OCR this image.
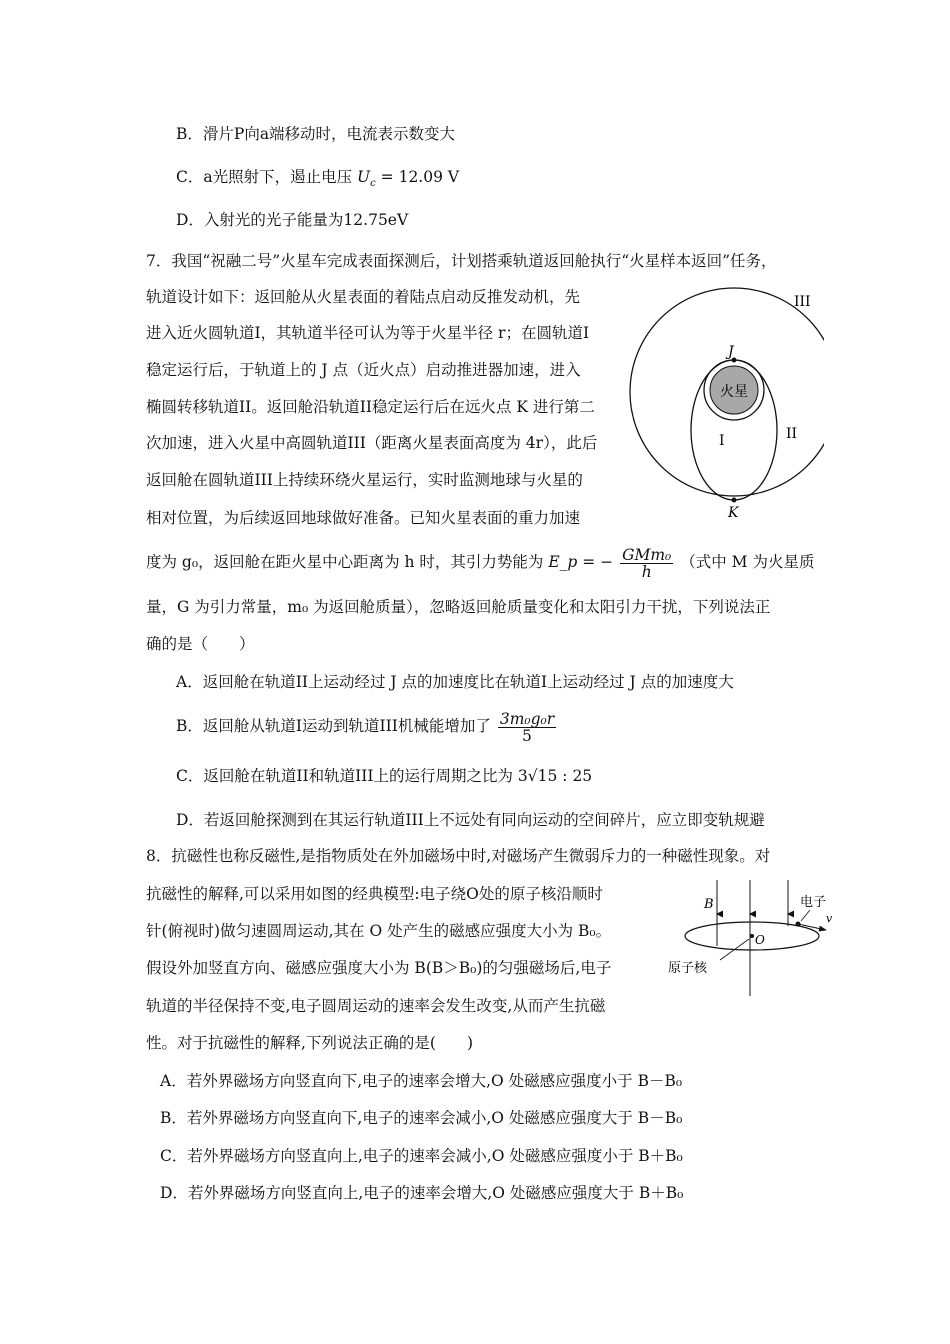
B．滑片P向a端移动时，电流表示数变大
C．a光照射下，遏止电压 $U_c = 12.09$ V
D．入射光的光子能量为12.75eV
7．我国“祝融二号”火星车完成表面探测后，计划搭乘轨道返回舱执行“火星样本返回”任务，
轨道设计如下：返回舱从火星表面的着陆点启动反推发动机，先
进入近火圆轨道I，其轨道半径可认为等于火星半径 r；在圆轨道I
稳定运行后，于轨道上的 J 点（近火点）启动推进器加速，进入
椭圆转移轨道II。返回舱沿轨道II稳定运行后在远火点 K 进行第二
次加速，进入火星中高圆轨道III（距离火星表面高度为 4r），此后
返回舱在圆轨道III上持续环绕火星运行，实时监测地球与火星的
相对位置，为后续返回地球做好准备。已知火星表面的重力加速
度为 g₀，返回舱在距火星中心距离为 h 时，其引力势能为 E_p = − $\frac{\text{GMm₀}}{h}$ （式中 M 为火星质
量，G 为引力常量，m₀ 为返回舱质量），忽略返回舱质量变化和太阳引力干扰，下列说法正
确的是（　　）
A．返回舱在轨道II上运动经过 J 点的加速度比在轨道I上运动经过 J 点的加速度大
B．返回舱从轨道I运动到轨道III机械能增加了 $\frac{\text{3m₀g₀r}}{5}$
C．返回舱在轨道II和轨道III上的运行周期之比为 3√15 : 25
D．若返回舱探测到在其运行轨道III上不远处有同向运动的空间碎片，应立即变轨规避
火星
J
K
I	II
III
8．抗磁性也称反磁性,是指物质处在外加磁场中时,对磁场产生微弱斥力的一种磁性现象。对
抗磁性的解释,可以采用如图的经典模型:电子绕O处的原子核沿顺时
针(俯视时)做匀速圆周运动,其在 O 处产生的磁感应强度大小为 B₀。
假设外加竖直方向、磁感应强度大小为 B(B＞B₀)的匀强磁场后,电子
轨道的半径保持不变,电子圆周运动的速率会发生改变,从而产生抗磁
性。对于抗磁性的解释,下列说法正确的是(　　)
A．若外界磁场方向竖直向下,电子的速率会增大,O 处磁感应强度小于 B－B₀
B．若外界磁场方向竖直向下,电子的速率会减小,O 处磁感应强度大于 B－B₀
C．若外界磁场方向竖直向上,电子的速率会减小,O 处磁感应强度小于 B＋B₀
D．若外界磁场方向竖直向上,电子的速率会增大,O 处磁感应强度大于 B＋B₀
B	电子
v
O
原子核
